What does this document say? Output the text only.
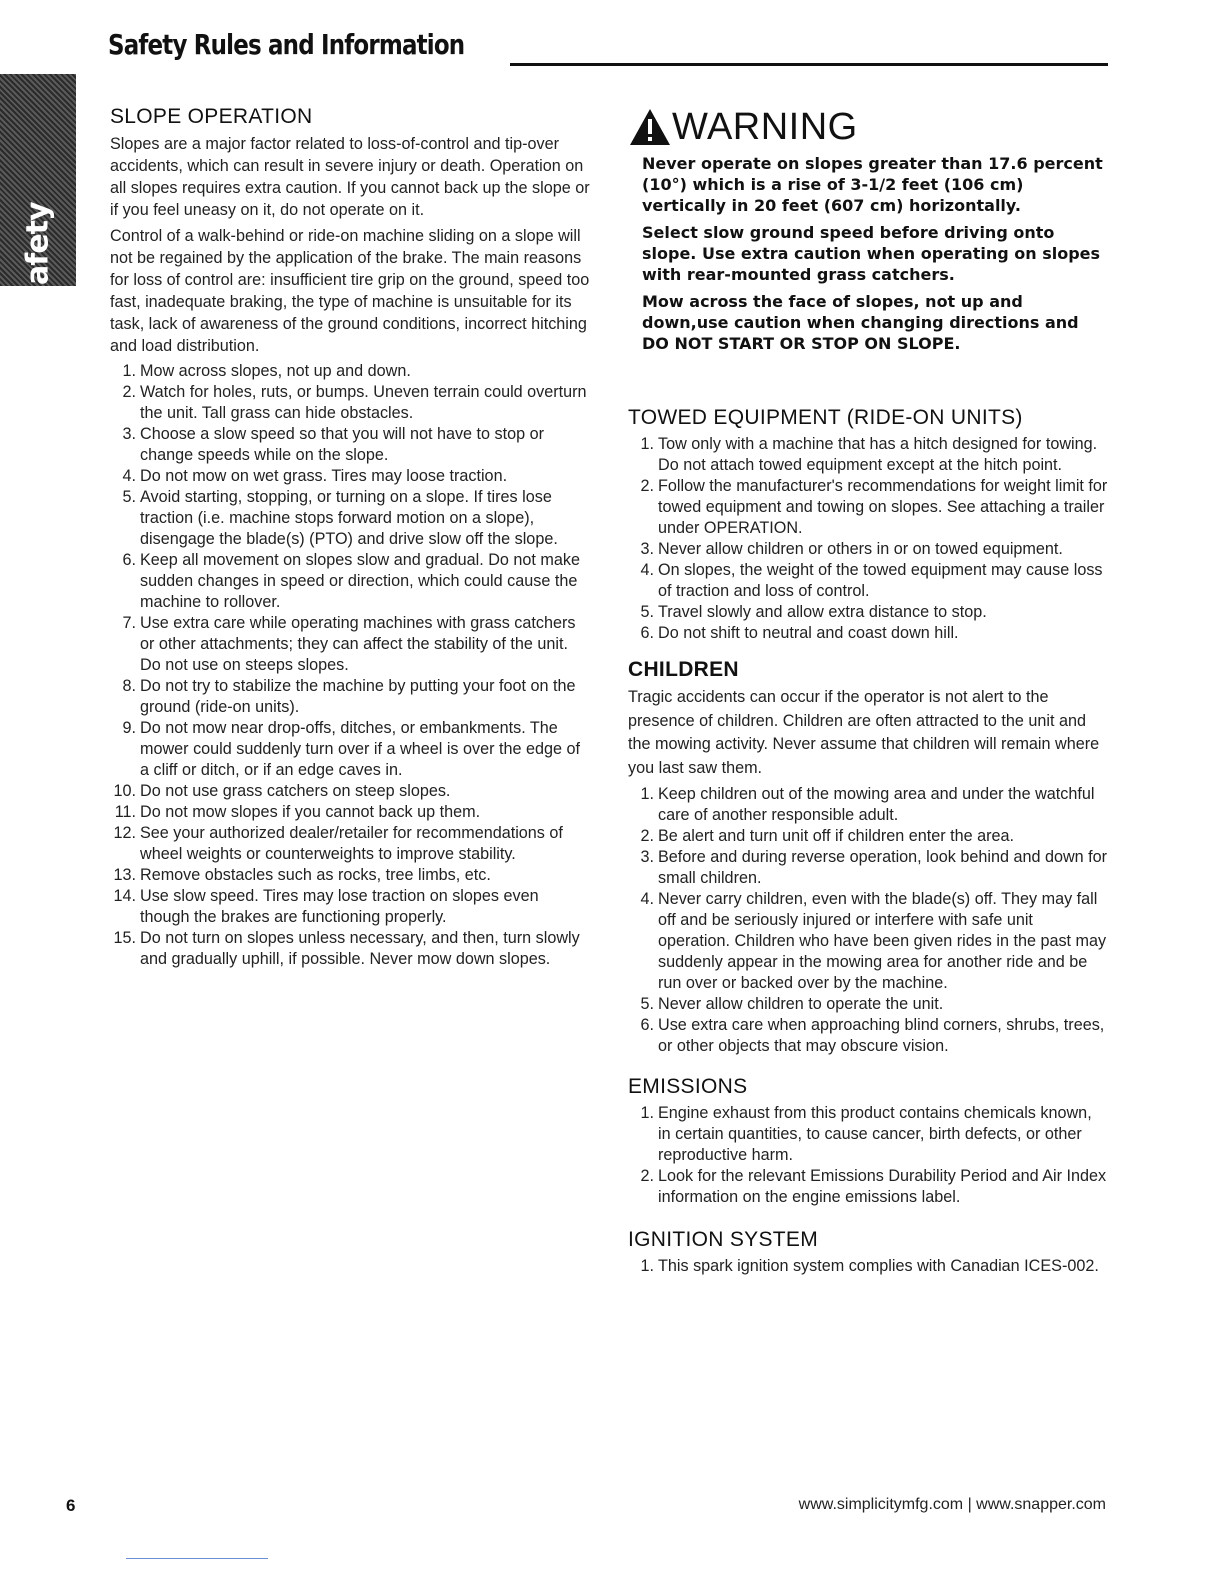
Safety Rules and Information
Safety
SLOPE OPERATION

Slopes are a major factor related to loss-of-control and tip-over accidents, which can result in severe injury or death. Operation on all slopes requires extra caution. If you cannot back up the slope or if you feel uneasy on it, do not operate on it.

Control of a walk-behind or ride-on machine sliding on a slope will not be regained by the application of the brake. The main reasons for loss of control are: insufficient tire grip on the ground, speed too fast, inadequate braking, the type of machine is unsuitable for its task, lack of awareness of the ground conditions, incorrect hitching and load distribution.

1. Mow across slopes, not up and down.
2. Watch for holes, ruts, or bumps. Uneven terrain could overturn the unit. Tall grass can hide obstacles.
3. Choose a slow speed so that you will not have to stop or change speeds while on the slope.
4. Do not mow on wet grass. Tires may loose traction.
5. Avoid starting, stopping, or turning on a slope. If tires lose traction (i.e. machine stops forward motion on a slope), disengage the blade(s) (PTO) and drive slow off the slope.
6. Keep all movement on slopes slow and gradual. Do not make sudden changes in speed or direction, which could cause the machine to rollover.
7. Use extra care while operating machines with grass catchers or other attachments; they can affect the stability of the unit. Do not use on steeps slopes.
8. Do not try to stabilize the machine by putting your foot on the ground (ride-on units).
9. Do not mow near drop-offs, ditches, or embankments. The mower could suddenly turn over if a wheel is over the edge of a cliff or ditch, or if an edge caves in.
10. Do not use grass catchers on steep slopes.
11. Do not mow slopes if you cannot back up them.
12. See your authorized dealer/retailer for recommendations of wheel weights or counterweights to improve stability.
13. Remove obstacles such as rocks, tree limbs, etc.
14. Use slow speed. Tires may lose traction on slopes even though the brakes are functioning properly.
15. Do not turn on slopes unless necessary, and then, turn slowly and gradually uphill, if possible. Never mow down slopes.
WARNING

Never operate on slopes greater than 17.6 percent (10°) which is a rise of 3-1/2 feet (106 cm) vertically in 20 feet (607 cm) horizontally.

Select slow ground speed before driving onto slope. Use extra caution when operating on slopes with rear-mounted grass catchers.

Mow across the face of slopes, not up and down,use caution when changing directions and DO NOT START OR STOP ON SLOPE.

TOWED EQUIPMENT (RIDE-ON UNITS)
1. Tow only with a machine that has a hitch designed for towing. Do not attach towed equipment except at the hitch point.
2. Follow the manufacturer's recommendations for weight limit for towed equipment and towing on slopes. See attaching a trailer under OPERATION.
3. Never allow children or others in or on towed equipment.
4. On slopes, the weight of the towed equipment may cause loss of traction and loss of control.
5. Travel slowly and allow extra distance to stop.
6. Do not shift to neutral and coast down hill.
CHILDREN

Tragic accidents can occur if the operator is not alert to the presence of children. Children are often attracted to the unit and the mowing activity. Never assume that children will remain where you last saw them.

1. Keep children out of the mowing area and under the watchful care of another responsible adult.
2. Be alert and turn unit off if children enter the area.
3. Before and during reverse operation, look behind and down for small children.
4. Never carry children, even with the blade(s) off. They may fall off and be seriously injured or interfere with safe unit operation. Children who have been given rides in the past may suddenly appear in the mowing area for another ride and be run over or backed over by the machine.
5. Never allow children to operate the unit.
6. Use extra care when approaching blind corners, shrubs, trees, or other objects that may obscure vision.
EMISSIONS
1. Engine exhaust from this product contains chemicals known, in certain quantities, to cause cancer, birth defects, or other reproductive harm.
2. Look for the relevant Emissions Durability Period and Air Index information on the engine emissions label.
IGNITION SYSTEM
1. This spark ignition system complies with Canadian ICES-002.
6	www.simplicitymfg.com | www.snapper.com
